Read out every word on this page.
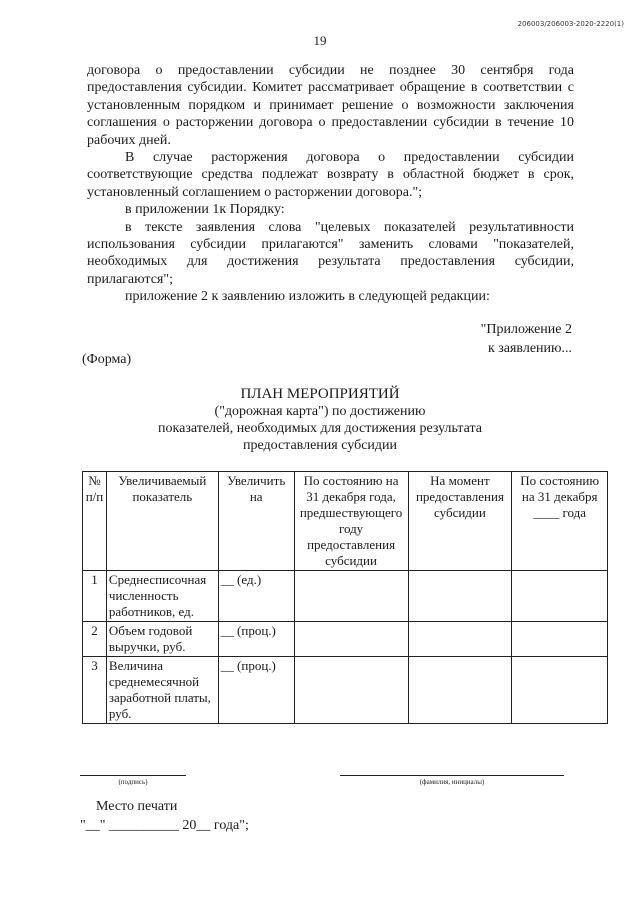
206003/206003-2020-2220(1)
19

договора о предоставлении субсидии не позднее 30 сентября года предоставления субсидии. Комитет рассматривает обращение в соответствии с установленным порядком и принимает решение о возможности заключения соглашения о расторжении договора о предоставлении субсидии в течение 10 рабочих дней.

В случае расторжения договора о предоставлении субсидии соответствующие средства подлежат возврату в областной бюджет в срок, установленный соглашением о расторжении договора.";

в приложении 1к Порядку:

в тексте заявления слова "целевых показателей результативности использования субсидии прилагаются" заменить словами "показателей, необходимых для достижения результата предоставления субсидии, прилагаются";

приложение 2 к заявлению изложить в следующей редакции:

"Приложение 2
к заявлению...
(Форма)
ПЛАН МЕРОПРИЯТИЙ
("дорожная карта") по достижению
показателей, необходимых для достижения результата
предоставления субсидии
№ п/п	Увеличиваемый показатель	Увеличить на	По состоянию на 31 декабря года, предшествующего году предоставления субсидии	На момент предоставления субсидии	По состоянию на 31 декабря ____ года
1	Среднесписочная численность работников, ед.	__ (ед.)			
2	Объем годовой выручки, руб.	__ (проц.)			
3	Величина среднемесячной заработной платы, руб.	__ (проц.)			
(подпись)	(фамилия, инициалы)
Место печати
"__" __________ 20__ года";
